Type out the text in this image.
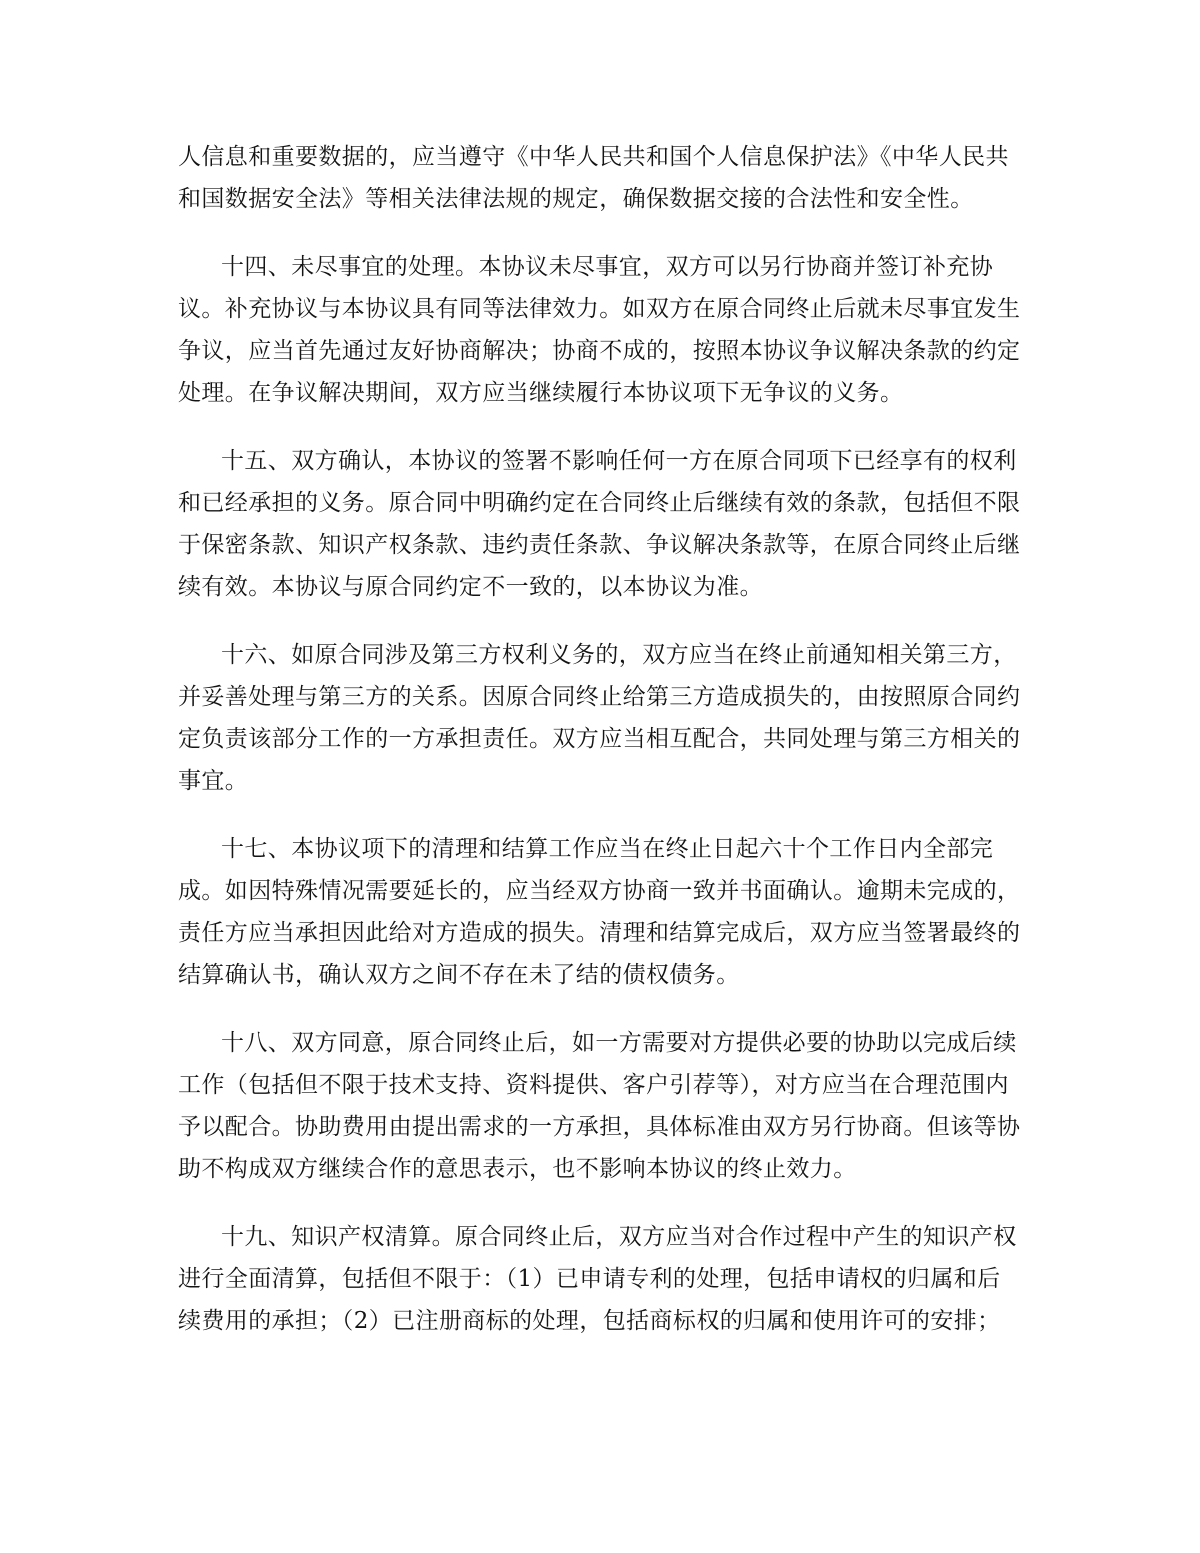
人信息和重要数据的，应当遵守《中华人民共和国个人信息保护法》《中华人民共
和国数据安全法》等相关法律法规的规定，确保数据交接的合法性和安全性。
十四、未尽事宜的处理。本协议未尽事宜，双方可以另行协商并签订补充协
议。补充协议与本协议具有同等法律效力。如双方在原合同终止后就未尽事宜发生
争议，应当首先通过友好协商解决；协商不成的，按照本协议争议解决条款的约定
处理。在争议解决期间，双方应当继续履行本协议项下无争议的义务。
十五、双方确认，本协议的签署不影响任何一方在原合同项下已经享有的权利
和已经承担的义务。原合同中明确约定在合同终止后继续有效的条款，包括但不限
于保密条款、知识产权条款、违约责任条款、争议解决条款等，在原合同终止后继
续有效。本协议与原合同约定不一致的，以本协议为准。
十六、如原合同涉及第三方权利义务的，双方应当在终止前通知相关第三方，
并妥善处理与第三方的关系。因原合同终止给第三方造成损失的，由按照原合同约
定负责该部分工作的一方承担责任。双方应当相互配合，共同处理与第三方相关的
事宜。
十七、本协议项下的清理和结算工作应当在终止日起六十个工作日内全部完
成。如因特殊情况需要延长的，应当经双方协商一致并书面确认。逾期未完成的，
责任方应当承担因此给对方造成的损失。清理和结算完成后，双方应当签署最终的
结算确认书，确认双方之间不存在未了结的债权债务。
十八、双方同意，原合同终止后，如一方需要对方提供必要的协助以完成后续
工作（包括但不限于技术支持、资料提供、客户引荐等），对方应当在合理范围内
予以配合。协助费用由提出需求的一方承担，具体标准由双方另行协商。但该等协
助不构成双方继续合作的意思表示，也不影响本协议的终止效力。
十九、知识产权清算。原合同终止后，双方应当对合作过程中产生的知识产权
进行全面清算，包括但不限于：（1）已申请专利的处理，包括申请权的归属和后
续费用的承担；（2）已注册商标的处理，包括商标权的归属和使用许可的安排；
